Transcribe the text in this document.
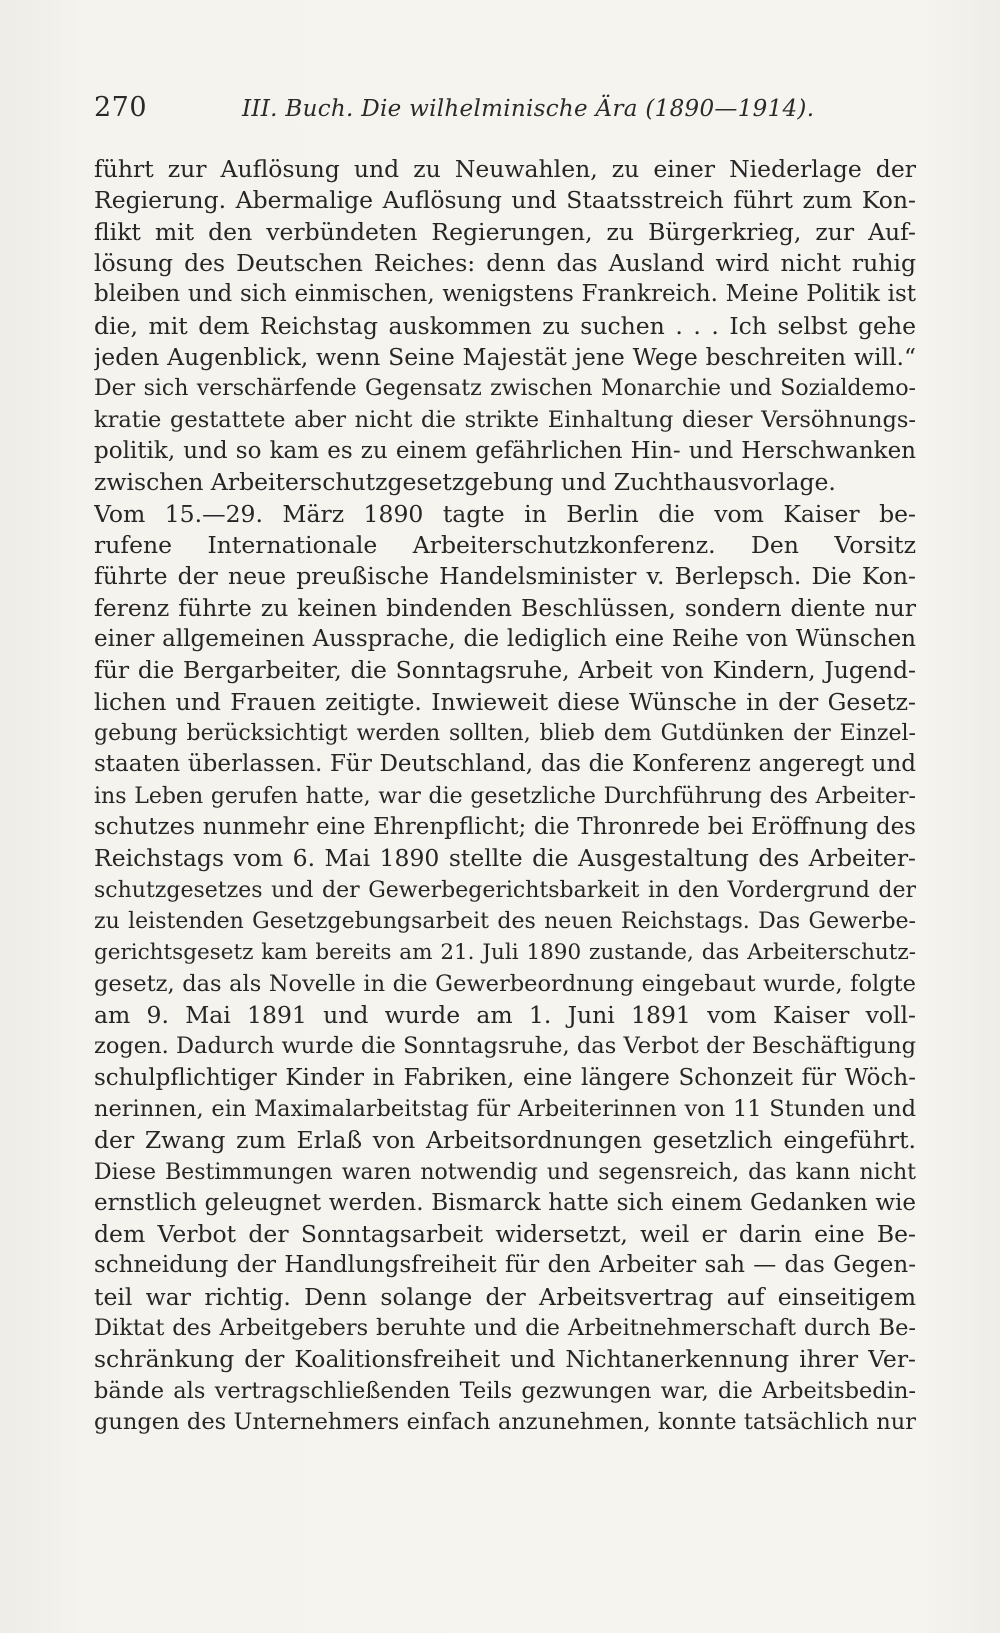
270	III. Buch. Die wilhelminische Ära (1890—1914).
führt zur Auflösung und zu Neuwahlen, zu einer Niederlage der
Regierung. Abermalige Auflösung und Staatsstreich führt zum Kon-
flikt mit den verbündeten Regierungen, zu Bürgerkrieg, zur Auf-
lösung des Deutschen Reiches: denn das Ausland wird nicht ruhig
bleiben und sich einmischen, wenigstens Frankreich. Meine Politik ist
die, mit dem Reichstag auskommen zu suchen . . . Ich selbst gehe
jeden Augenblick, wenn Seine Majestät jene Wege beschreiten will.“
Der sich verschärfende Gegensatz zwischen Monarchie und Sozialdemo-
kratie gestattete aber nicht die strikte Einhaltung dieser Versöhnungs-
politik, und so kam es zu einem gefährlichen Hin- und Herschwanken
zwischen Arbeiterschutzgesetzgebung und Zuchthausvorlage.
Vom 15.—29. März 1890 tagte in Berlin die vom Kaiser be-
rufene Internationale Arbeiterschutzkonferenz. Den Vorsitz
führte der neue preußische Handelsminister v. Berlepsch. Die Kon-
ferenz führte zu keinen bindenden Beschlüssen, sondern diente nur
einer allgemeinen Aussprache, die lediglich eine Reihe von Wünschen
für die Bergarbeiter, die Sonntagsruhe, Arbeit von Kindern, Jugend-
lichen und Frauen zeitigte. Inwieweit diese Wünsche in der Gesetz-
gebung berücksichtigt werden sollten, blieb dem Gutdünken der Einzel-
staaten überlassen. Für Deutschland, das die Konferenz angeregt und
ins Leben gerufen hatte, war die gesetzliche Durchführung des Arbeiter-
schutzes nunmehr eine Ehrenpflicht; die Thronrede bei Eröffnung des
Reichstags vom 6. Mai 1890 stellte die Ausgestaltung des Arbeiter-
schutzgesetzes und der Gewerbegerichtsbarkeit in den Vordergrund der
zu leistenden Gesetzgebungsarbeit des neuen Reichstags. Das Gewerbe-
gerichtsgesetz kam bereits am 21. Juli 1890 zustande, das Arbeiterschutz-
gesetz, das als Novelle in die Gewerbeordnung eingebaut wurde, folgte
am 9. Mai 1891 und wurde am 1. Juni 1891 vom Kaiser voll-
zogen. Dadurch wurde die Sonntagsruhe, das Verbot der Beschäftigung
schulpflichtiger Kinder in Fabriken, eine längere Schonzeit für Wöch-
nerinnen, ein Maximalarbeitstag für Arbeiterinnen von 11 Stunden und
der Zwang zum Erlaß von Arbeitsordnungen gesetzlich eingeführt.
Diese Bestimmungen waren notwendig und segensreich, das kann nicht
ernstlich geleugnet werden. Bismarck hatte sich einem Gedanken wie
dem Verbot der Sonntagsarbeit widersetzt, weil er darin eine Be-
schneidung der Handlungsfreiheit für den Arbeiter sah — das Gegen-
teil war richtig. Denn solange der Arbeitsvertrag auf einseitigem
Diktat des Arbeitgebers beruhte und die Arbeitnehmerschaft durch Be-
schränkung der Koalitionsfreiheit und Nichtanerkennung ihrer Ver-
bände als vertragschließenden Teils gezwungen war, die Arbeitsbedin-
gungen des Unternehmers einfach anzunehmen, konnte tatsächlich nur
